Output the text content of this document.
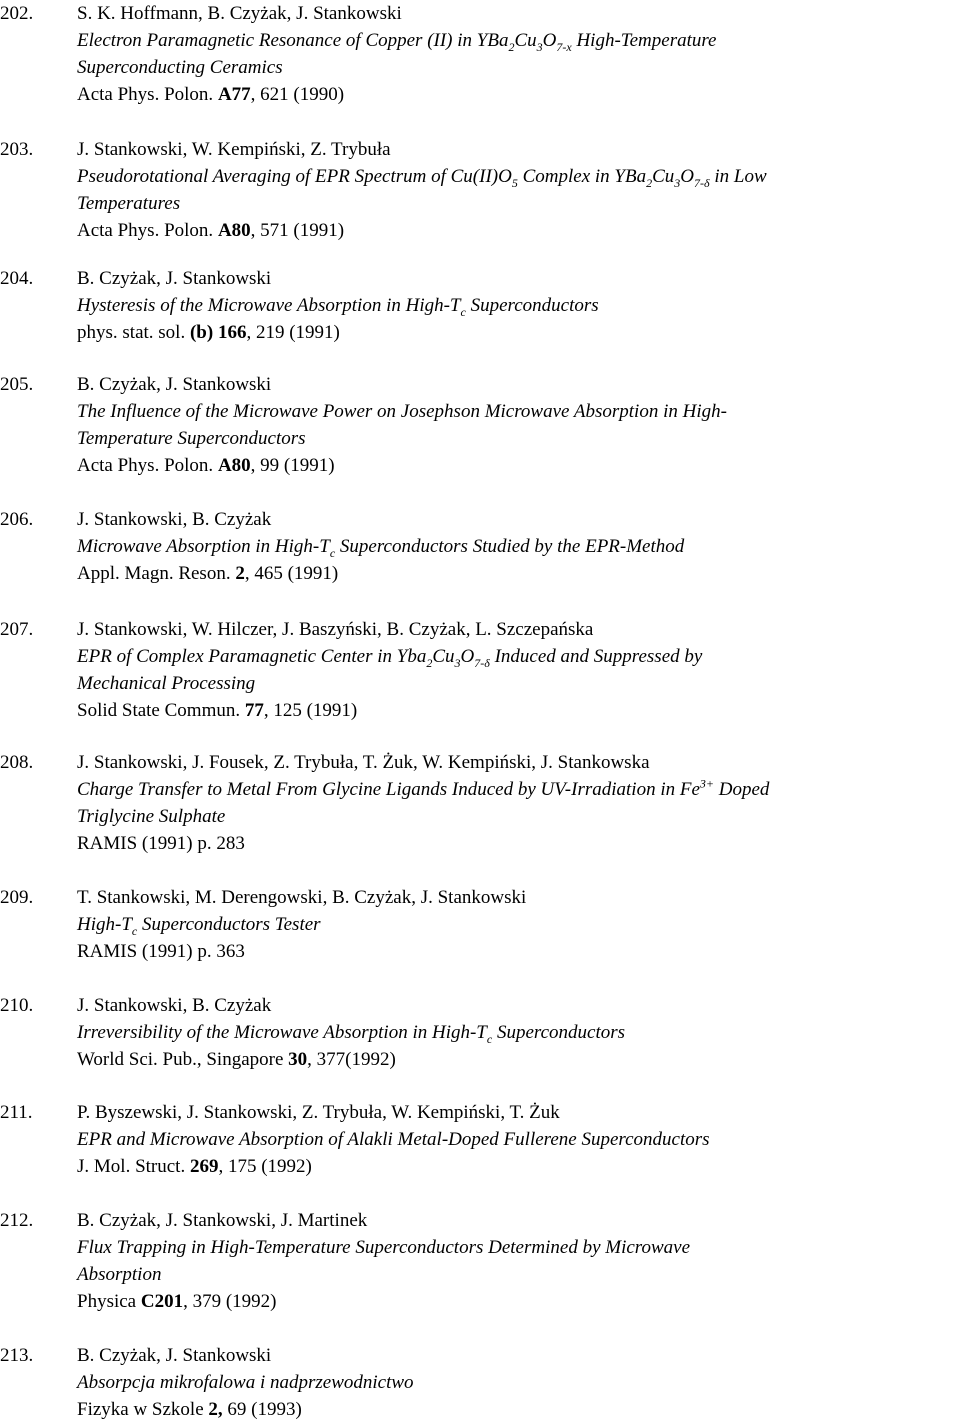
202. S. K. Hoffmann, B. Czyżak, J. Stankowski
Electron Paramagnetic Resonance of Copper (II) in $YBa_2Cu_3O_{7-x}$ High-Temperature
Superconducting Ceramics
Acta Phys. Polon. A77, 621 (1990)
203. J. Stankowski, W. Kempiński, Z. Trybuła
Pseudorotational Averaging of EPR Spectrum of $Cu(II)O_5$ Complex in $YBa_2Cu_3O_{7-\delta}$ in Low
Temperatures
Acta Phys. Polon. A80, 571 (1991)
204. B. Czyżak, J. Stankowski
Hysteresis of the Microwave Absorption in High-$T_c$ Superconductors
phys. stat. sol. (b) 166, 219 (1991)
205. B. Czyżak, J. Stankowski
The Influence of the Microwave Power on Josephson Microwave Absorption in High-
Temperature Superconductors
Acta Phys. Polon. A80, 99 (1991)
206. J. Stankowski, B. Czyżak
Microwave Absorption in High-$T_c$ Superconductors Studied by the EPR-Method
Appl. Magn. Reson. 2, 465 (1991)
207. J. Stankowski, W. Hilczer, J. Baszyński, B. Czyżak, L. Szczepańska
EPR of Complex Paramagnetic Center in $Yba_2Cu_3O_{7-\delta}$ Induced and Suppressed by
Mechanical Processing
Solid State Commun. 77, 125 (1991)
208. J. Stankowski, J. Fousek, Z. Trybuła, T. Żuk, W. Kempiński, J. Stankowska
Charge Transfer to Metal From Glycine Ligands Induced by UV-Irradiation in $Fe^{3+}$ Doped
Triglycine Sulphate
RAMIS (1991) p. 283
209. T. Stankowski, M. Derengowski, B. Czyżak, J. Stankowski
High-$T_c$ Superconductors Tester
RAMIS (1991) p. 363
210. J. Stankowski, B. Czyżak
Irreversibility of the Microwave Absorption in High-$T_c$ Superconductors
World Sci. Pub., Singapore 30, 377(1992)
211. P. Byszewski, J. Stankowski, Z. Trybuła, W. Kempiński, T. Żuk
EPR and Microwave Absorption of Alakli Metal-Doped Fullerene Superconductors
J. Mol. Struct. 269, 175 (1992)
212. B. Czyżak, J. Stankowski, J. Martinek
Flux Trapping in High-Temperature Superconductors Determined by Microwave
Absorption
Physica C201, 379 (1992)
213. B. Czyżak, J. Stankowski
Absorpcja mikrofalowa i nadprzewodnictwo
Fizyka w Szkole 2, 69 (1993)
